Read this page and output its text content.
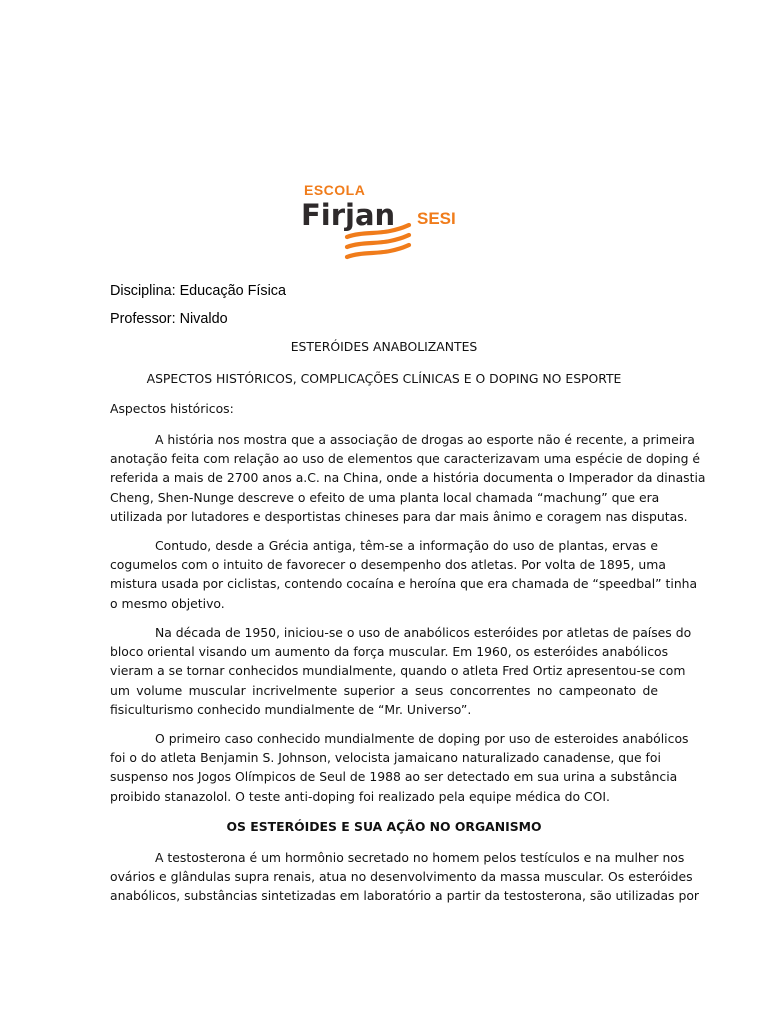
ESCOLA
Firjan SESI
Disciplina: Educação Física
Professor: Nivaldo
ESTERÓIDES ANABOLIZANTES
ASPECTOS HISTÓRICOS, COMPLICAÇÕES CLÍNICAS E O DOPING NO ESPORTE
Aspectos históricos:
A história nos mostra que a associação de drogas ao esporte não é recente, a primeira
anotação feita com relação ao uso de elementos que caracterizavam uma espécie de doping é
referida a mais de 2700 anos a.C. na China, onde a história documenta o Imperador da dinastia
Cheng, Shen-Nunge descreve o efeito de uma planta local chamada “machung” que era
utilizada por lutadores e desportistas chineses para dar mais ânimo e coragem nas disputas.
Contudo, desde a Grécia antiga, têm-se a informação do uso de plantas, ervas e
cogumelos com o intuito de favorecer o desempenho dos atletas. Por volta de 1895, uma
mistura usada por ciclistas, contendo cocaína e heroína que era chamada de “speedbal” tinha
o mesmo objetivo.
Na década de 1950, iniciou-se o uso de anabólicos esteróides por atletas de países do
bloco oriental visando um aumento da força muscular. Em 1960, os esteróides anabólicos
vieram a se tornar conhecidos mundialmente, quando o atleta Fred Ortiz apresentou-se com
um volume muscular incrivelmente superior a seus concorrentes no campeonato de
fisiculturismo conhecido mundialmente de “Mr. Universo”.
O primeiro caso conhecido mundialmente de doping por uso de esteroides anabólicos
foi o do atleta Benjamin S. Johnson, velocista jamaicano naturalizado canadense, que foi
suspenso nos Jogos Olímpicos de Seul de 1988 ao ser detectado em sua urina a substância
proibido stanazolol. O teste anti-doping foi realizado pela equipe médica do COI.
OS ESTERÓIDES E SUA AÇÃO NO ORGANISMO
A testosterona é um hormônio secretado no homem pelos testículos e na mulher nos
ovários e glândulas supra renais, atua no desenvolvimento da massa muscular. Os esteróides
anabólicos, substâncias sintetizadas em laboratório a partir da testosterona, são utilizadas por
